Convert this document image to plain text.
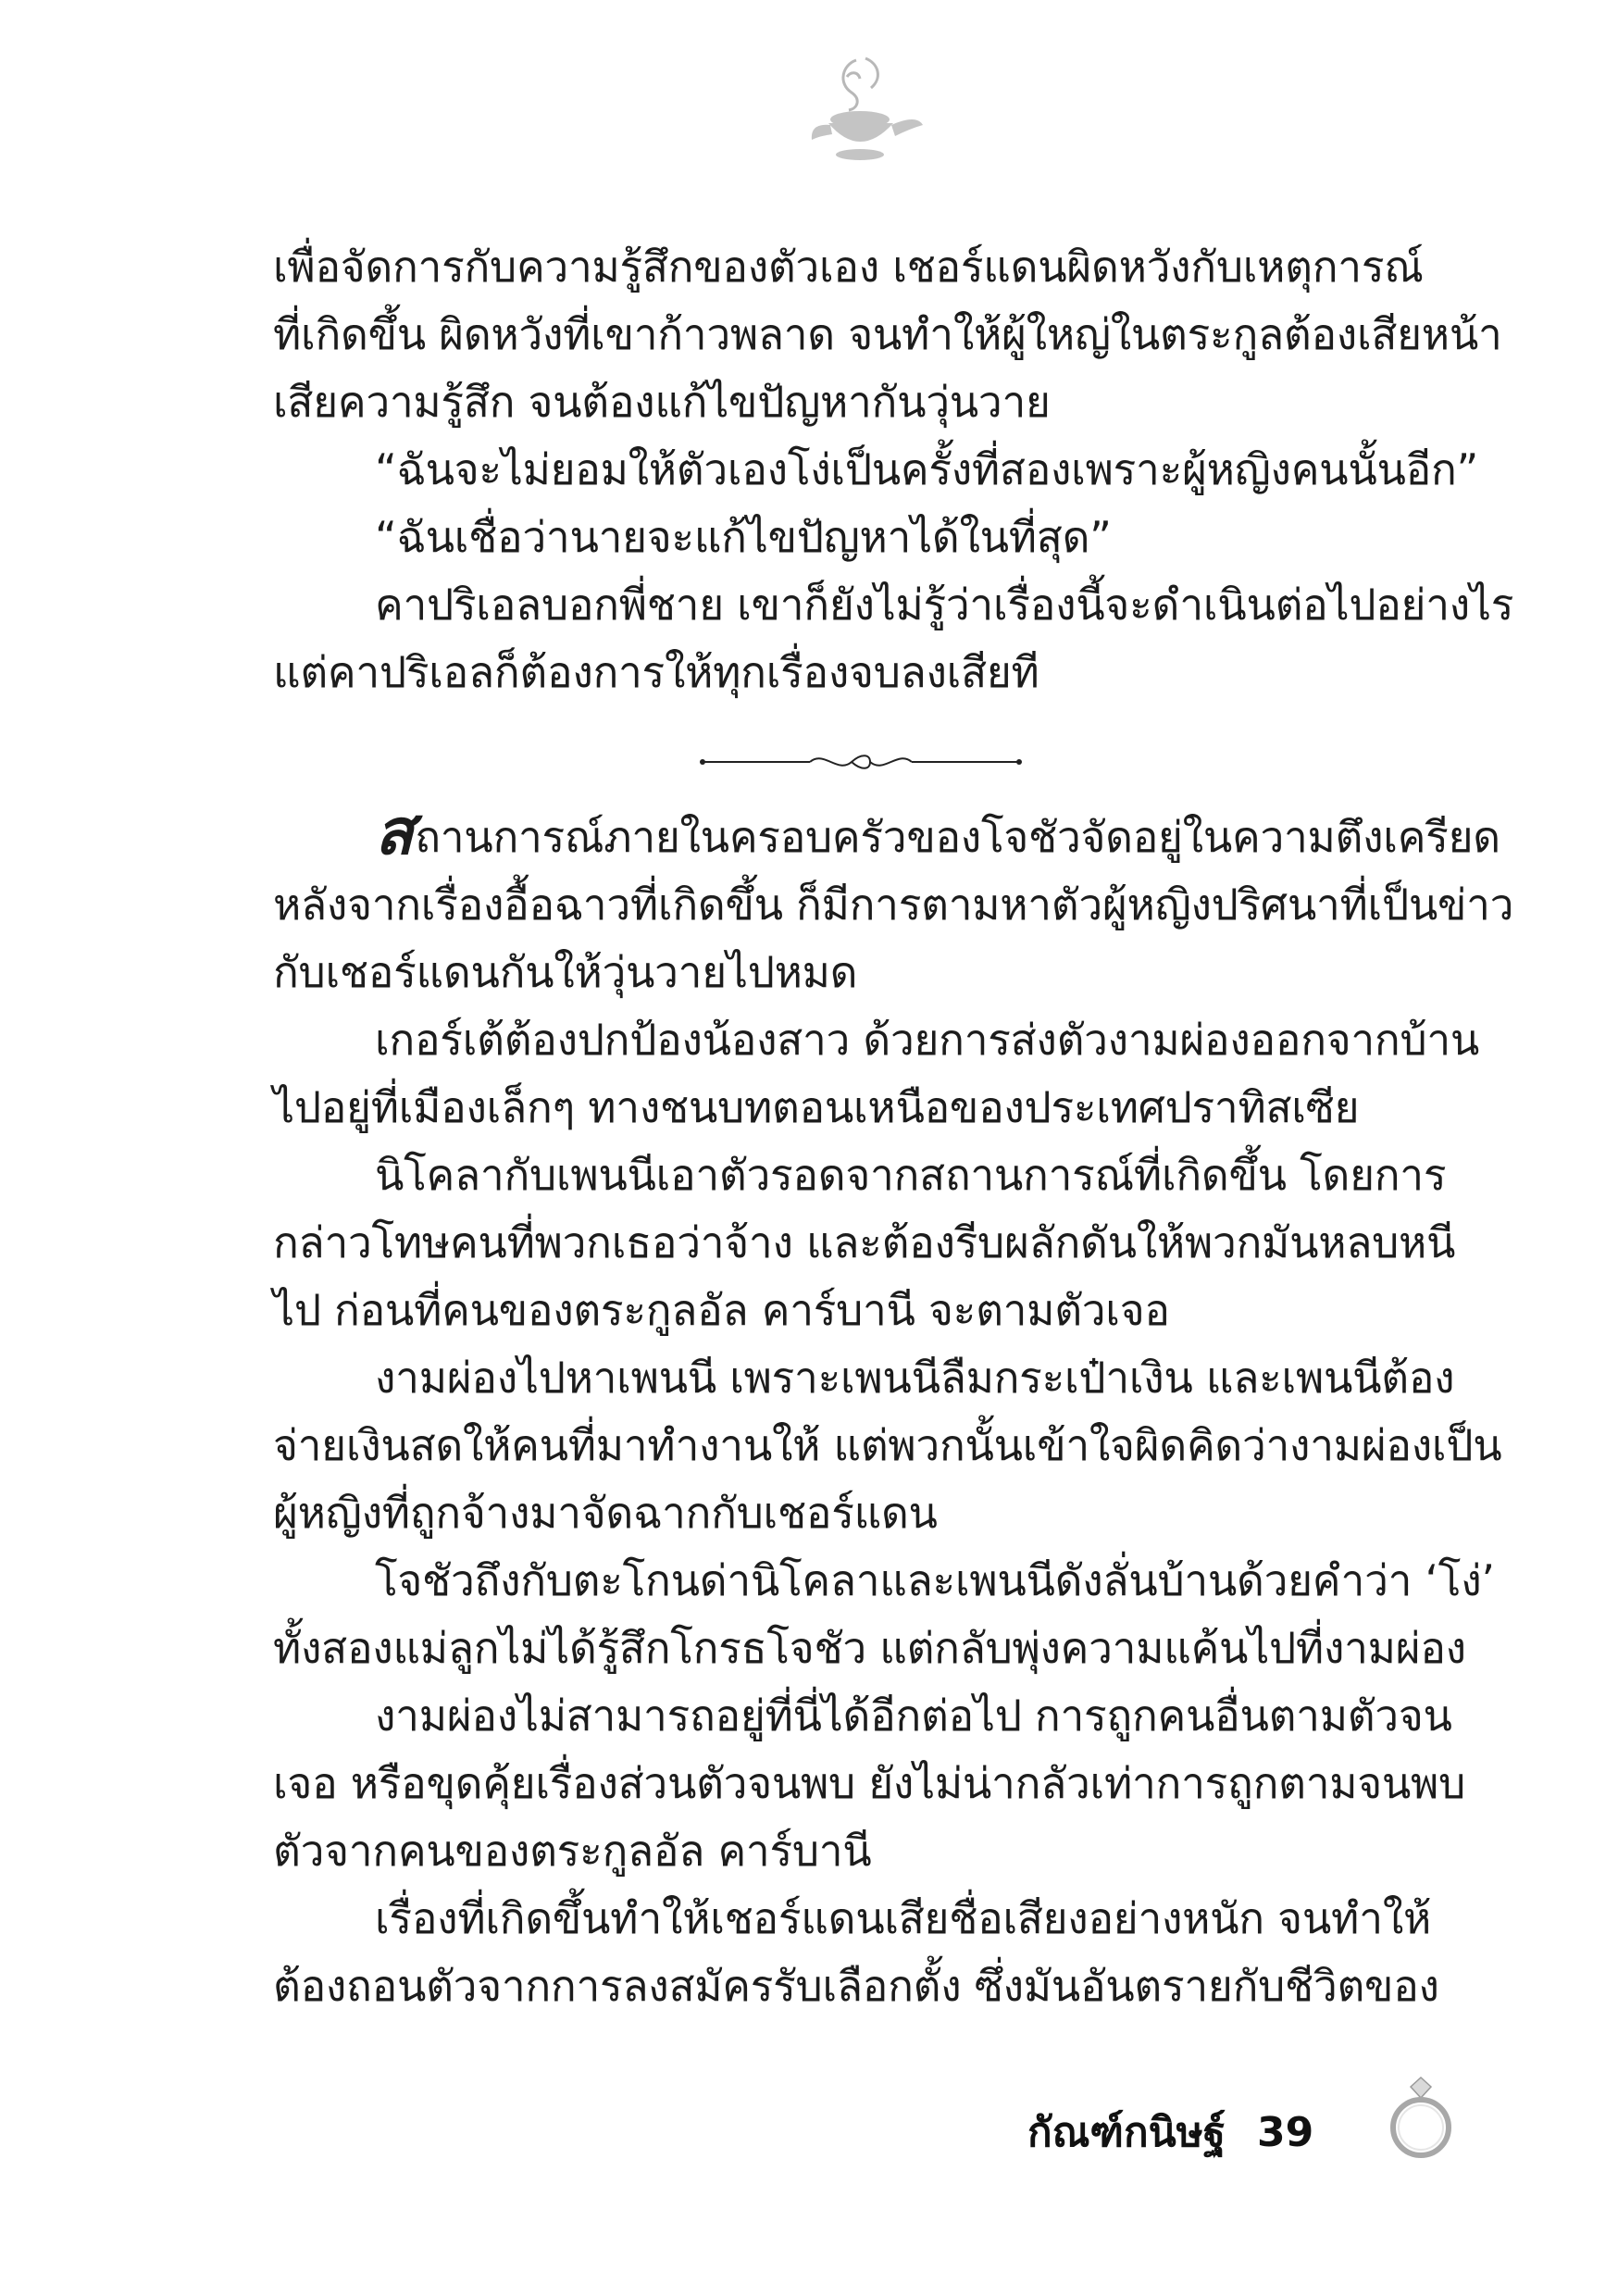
เพื่อจัดการกับความรู้สึกของตัวเอง เชอร์แดนผิดหวังกับเหตุการณ์
ที่เกิดขึ้น ผิดหวังที่เขาก้าวพลาด จนทำให้ผู้ใหญ่ในตระกูลต้องเสียหน้า
เสียความรู้สึก จนต้องแก้ไขปัญหากันวุ่นวาย
“ฉันจะไม่ยอมให้ตัวเองโง่เป็นครั้งที่สองเพราะผู้หญิงคนนั้นอีก”
“ฉันเชื่อว่านายจะแก้ไขปัญหาได้ในที่สุด”
คาปริเอลบอกพี่ชาย เขาก็ยังไม่รู้ว่าเรื่องนี้จะดำเนินต่อไปอย่างไร
แต่คาปริเอลก็ต้องการให้ทุกเรื่องจบลงเสียที
สถานการณ์ภายในครอบครัวของโจชัวจัดอยู่ในความตึงเครียด
หลังจากเรื่องอื้อฉาวที่เกิดขึ้น ก็มีการตามหาตัวผู้หญิงปริศนาที่เป็นข่าว
กับเชอร์แดนกันให้วุ่นวายไปหมด
เกอร์เต้ต้องปกป้องน้องสาว ด้วยการส่งตัวงามผ่องออกจากบ้าน
ไปอยู่ที่เมืองเล็กๆ ทางชนบทตอนเหนือของประเทศปราทิสเซีย
นิโคลากับเพนนีเอาตัวรอดจากสถานการณ์ที่เกิดขึ้น โดยการ
กล่าวโทษคนที่พวกเธอว่าจ้าง และต้องรีบผลักดันให้พวกมันหลบหนี
ไป ก่อนที่คนของตระกูลอัล คาร์บานี จะตามตัวเจอ
งามผ่องไปหาเพนนี เพราะเพนนีลืมกระเป๋าเงิน และเพนนีต้อง
จ่ายเงินสดให้คนที่มาทำงานให้ แต่พวกนั้นเข้าใจผิดคิดว่างามผ่องเป็น
ผู้หญิงที่ถูกจ้างมาจัดฉากกับเชอร์แดน
โจชัวถึงกับตะโกนด่านิโคลาและเพนนีดังลั่นบ้านด้วยคำว่า ‘โง่’
ทั้งสองแม่ลูกไม่ได้รู้สึกโกรธโจชัว แต่กลับพุ่งความแค้นไปที่งามผ่อง
งามผ่องไม่สามารถอยู่ที่นี่ได้อีกต่อไป การถูกคนอื่นตามตัวจน
เจอ หรือขุดคุ้ยเรื่องส่วนตัวจนพบ ยังไม่น่ากลัวเท่าการถูกตามจนพบ
ตัวจากคนของตระกูลอัล คาร์บานี
เรื่องที่เกิดขึ้นทำให้เชอร์แดนเสียชื่อเสียงอย่างหนัก จนทำให้
ต้องถอนตัวจากการลงสมัครรับเลือกตั้ง ซึ่งมันอันตรายกับชีวิตของ
กัณฑ์กนิษฐ์ 39
